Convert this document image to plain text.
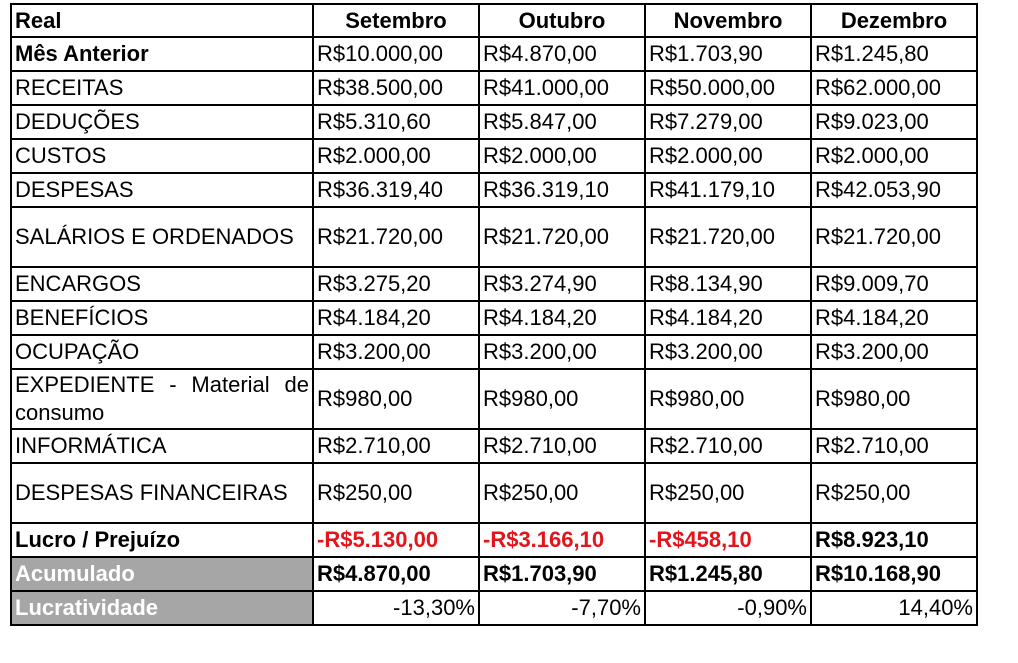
Real	Setembro	Outubro	Novembro	Dezembro
Mês Anterior	R$10.000,00	R$4.870,00	R$1.703,90	R$1.245,80
RECEITAS	R$38.500,00	R$41.000,00	R$50.000,00	R$62.000,00
DEDUÇÕES	R$5.310,60	R$5.847,00	R$7.279,00	R$9.023,00
CUSTOS	R$2.000,00	R$2.000,00	R$2.000,00	R$2.000,00
DESPESAS	R$36.319,40	R$36.319,10	R$41.179,10	R$42.053,90
SALÁRIOS E ORDENADOS	R$21.720,00	R$21.720,00	R$21.720,00	R$21.720,00
ENCARGOS	R$3.275,20	R$3.274,90	R$8.134,90	R$9.009,70
BENEFÍCIOS	R$4.184,20	R$4.184,20	R$4.184,20	R$4.184,20
OCUPAÇÃO	R$3.200,00	R$3.200,00	R$3.200,00	R$3.200,00
EXPEDIENTE - Material de consumo	R$980,00	R$980,00	R$980,00	R$980,00
INFORMÁTICA	R$2.710,00	R$2.710,00	R$2.710,00	R$2.710,00
DESPESAS FINANCEIRAS	R$250,00	R$250,00	R$250,00	R$250,00
Lucro / Prejuízo	-R$5.130,00	-R$3.166,10	-R$458,10	R$8.923,10
Acumulado	R$4.870,00	R$1.703,90	R$1.245,80	R$10.168,90
Lucratividade	-13,30%	-7,70%	-0,90%	14,40%
